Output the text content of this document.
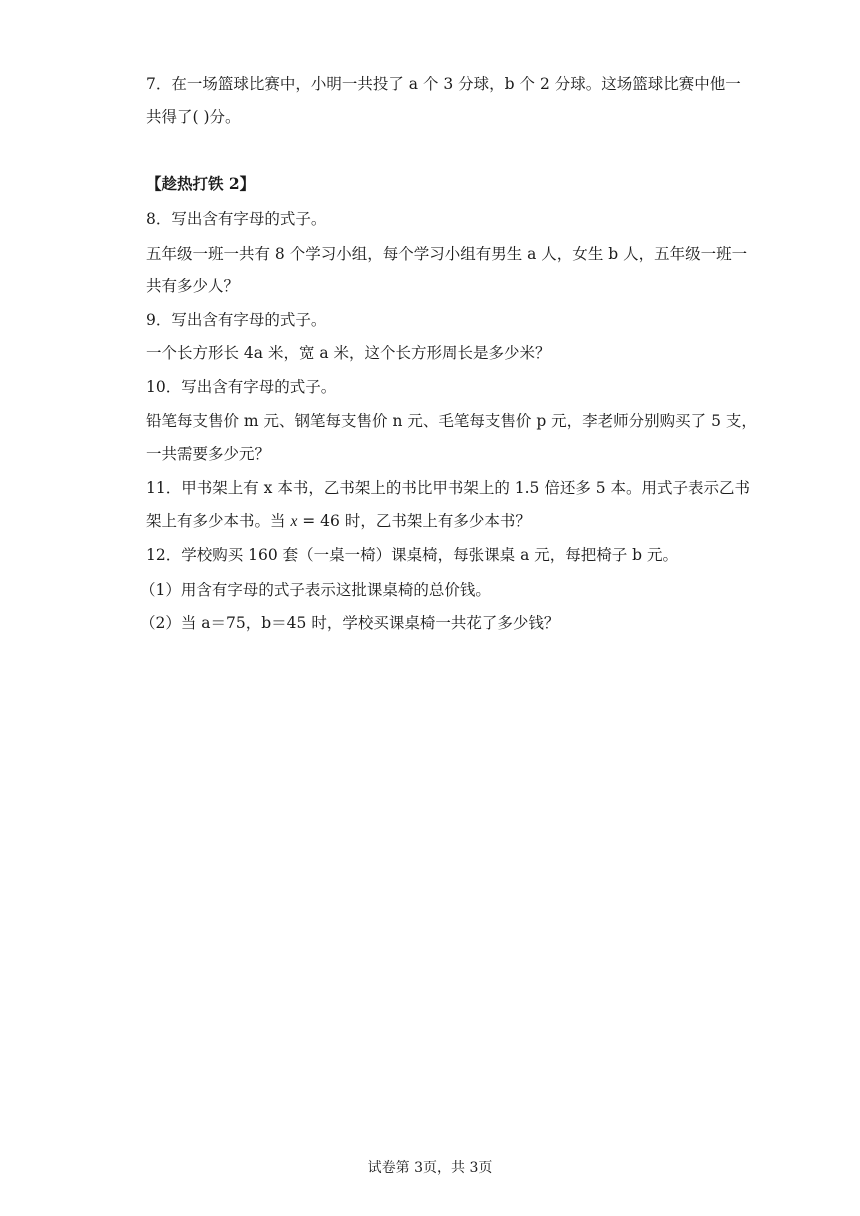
7．在一场篮球比赛中，小明一共投了 a 个 3 分球，b 个 2 分球。这场篮球比赛中他一
共得了( )分。
【趁热打铁 2】
8．写出含有字母的式子。
五年级一班一共有 8 个学习小组，每个学习小组有男生 a 人，女生 b 人，五年级一班一
共有多少人？
9．写出含有字母的式子。
一个长方形长 4a 米，宽 a 米，这个长方形周长是多少米？
10．写出含有字母的式子。
铅笔每支售价 m 元、钢笔每支售价 n 元、毛笔每支售价 p 元，李老师分别购买了 5 支，
一共需要多少元？
11．甲书架上有 x 本书，乙书架上的书比甲书架上的 1.5 倍还多 5 本。用式子表示乙书
架上有多少本书。当 x = 46 时，乙书架上有多少本书？
12．学校购买 160 套（一桌一椅）课桌椅，每张课桌 a 元，每把椅子 b 元。
（1）用含有字母的式子表示这批课桌椅的总价钱。
（2）当 a＝75，b＝45 时，学校买课桌椅一共花了多少钱？
试卷第 3页，共 3页
